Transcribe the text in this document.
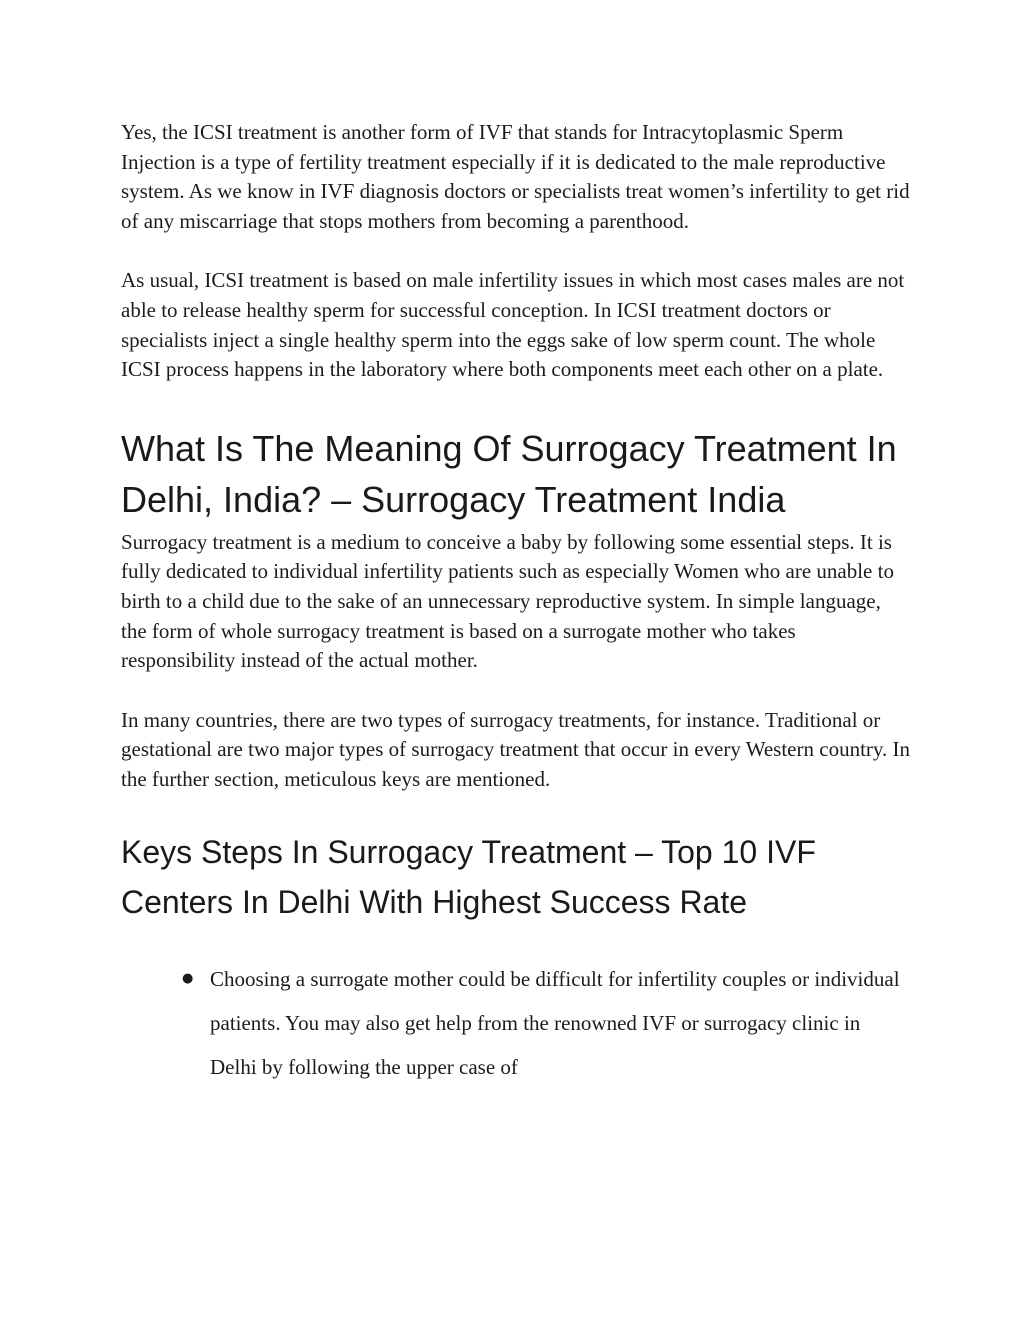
Yes, the ICSI treatment is another form of IVF that stands for Intracytoplasmic Sperm Injection is a type of fertility treatment especially if it is dedicated to the male reproductive system. As we know in IVF diagnosis doctors or specialists treat women’s infertility to get rid of any miscarriage that stops mothers from becoming a parenthood.

As usual, ICSI treatment is based on male infertility issues in which most cases males are not able to release healthy sperm for successful conception. In ICSI treatment doctors or specialists inject a single healthy sperm into the eggs sake of low sperm count. The whole ICSI process happens in the laboratory where both components meet each other on a plate.

What Is The Meaning Of Surrogacy Treatment In Delhi, India? – Surrogacy Treatment India

Surrogacy treatment is a medium to conceive a baby by following some essential steps. It is fully dedicated to individual infertility patients such as especially Women who are unable to birth to a child due to the sake of an unnecessary reproductive system. In simple language, the form of whole surrogacy treatment is based on a surrogate mother who takes responsibility instead of the actual mother.

In many countries, there are two types of surrogacy treatments, for instance. Traditional or gestational are two major types of surrogacy treatment that occur in every Western country. In the further section, meticulous keys are mentioned.

Keys Steps In Surrogacy Treatment – Top 10 IVF Centers In Delhi With Highest Success Rate
● Choosing a surrogate mother could be difficult for infertility couples or individual patients. You may also get help from the renowned IVF or surrogacy clinic in Delhi by following the upper case of
